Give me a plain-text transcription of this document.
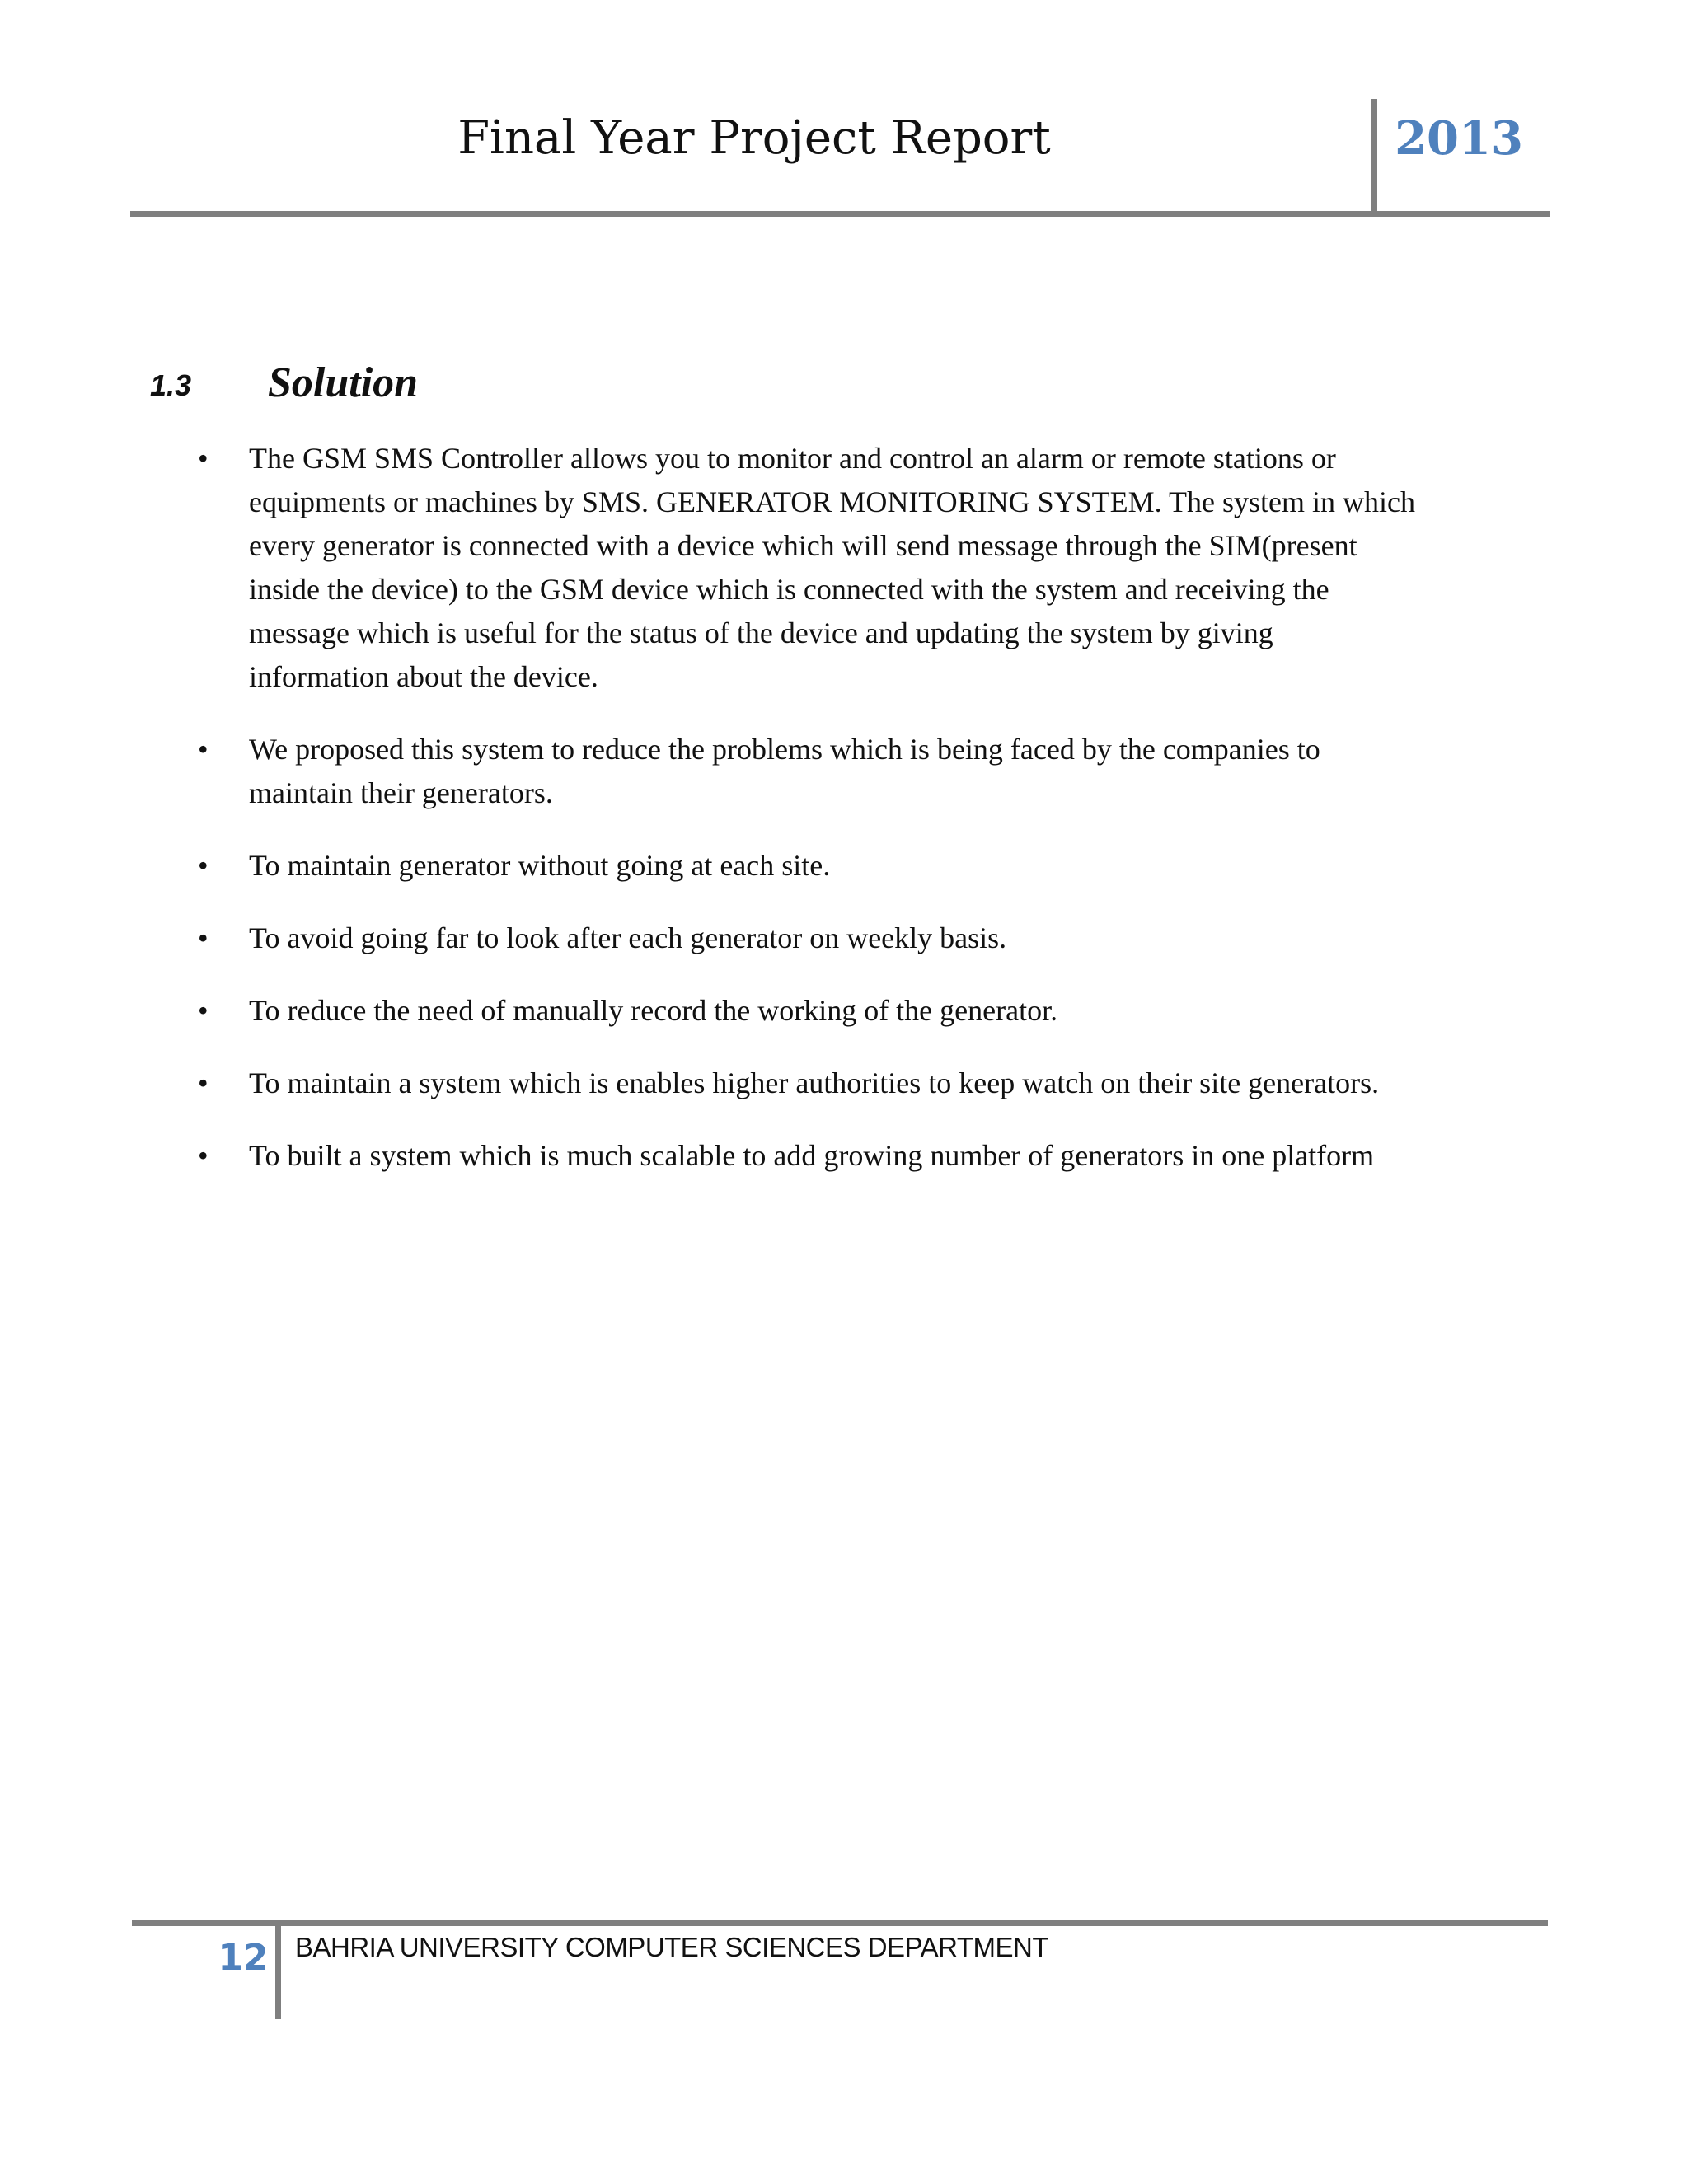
Final Year Project Report	2013
1.3 Solution
• The GSM SMS Controller allows you to monitor and control an alarm or remote stations or equipments or machines by SMS. GENERATOR MONITORING SYSTEM. The system in which every generator is connected with a device which will send message through the SIM(present inside the device) to the GSM device which is connected with the system and receiving the message which is useful for the status of the device and updating the system by giving information about the device.
• We proposed this system to reduce the problems which is being faced by the companies to maintain their generators.
• To maintain generator without going at each site.
• To avoid going far to look after each generator on weekly basis.
• To reduce the need of manually record the working of the generator.
• To maintain a system which is enables higher authorities to keep watch on their site generators.
• To built a system which is much scalable to add growing number of generators in one platform
12 BAHRIA UNIVERSITY COMPUTER SCIENCES DEPARTMENT
